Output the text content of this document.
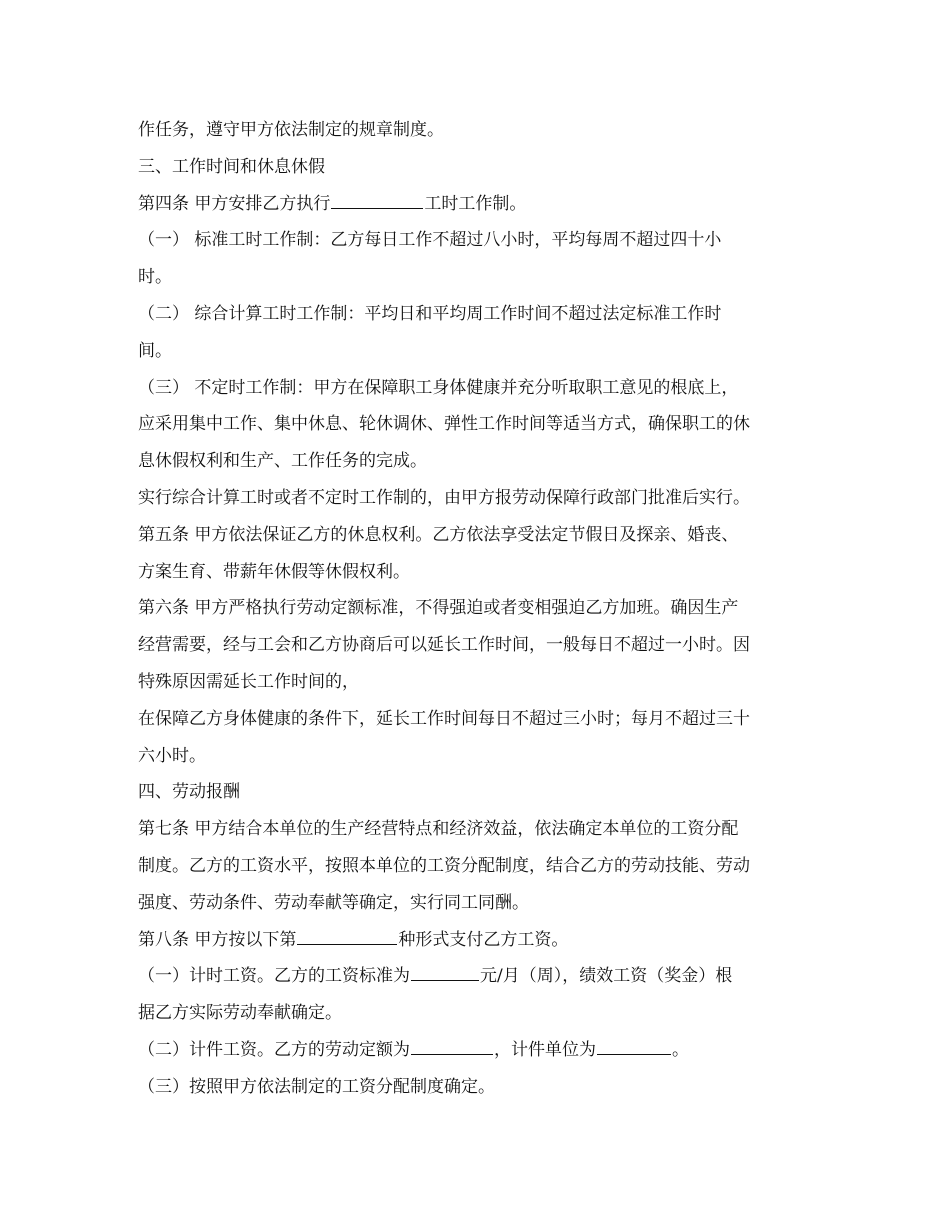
作任务，遵守甲方依法制定的规章制度。
三、工作时间和休息休假
第四条 甲方安排乙方执行	工时工作制。
（一） 标准工时工作制：乙方每日工作不超过八小时，平均每周不超过四十小
时。
（二） 综合计算工时工作制：平均日和平均周工作时间不超过法定标准工作时
间。
（三） 不定时工作制：甲方在保障职工身体健康并充分听取职工意见的根底上，
应采用集中工作、集中休息、轮休调休、弹性工作时间等适当方式，确保职工的休
息休假权利和生产、工作任务的完成。
实行综合计算工时或者不定时工作制的，由甲方报劳动保障行政部门批准后实行。
第五条 甲方依法保证乙方的休息权利。乙方依法享受法定节假日及探亲、婚丧、
方案生育、带薪年休假等休假权利。
第六条 甲方严格执行劳动定额标准，不得强迫或者变相强迫乙方加班。确因生产
经营需要，经与工会和乙方协商后可以延长工作时间，一般每日不超过一小时。因
特殊原因需延长工作时间的，
在保障乙方身体健康的条件下，延长工作时间每日不超过三小时；每月不超过三十
六小时。
四、劳动报酬
第七条 甲方结合本单位的生产经营特点和经济效益，依法确定本单位的工资分配
制度。乙方的工资水平，按照本单位的工资分配制度，结合乙方的劳动技能、劳动
强度、劳动条件、劳动奉献等确定，实行同工同酬。
第八条 甲方按以下第	种形式支付乙方工资。
（一）计时工资。乙方的工资标准为	元/月（周），绩效工资（奖金）根
据乙方实际劳动奉献确定。
（二）计件工资。乙方的劳动定额为	，计件单位为	。
（三）按照甲方依法制定的工资分配制度确定。
